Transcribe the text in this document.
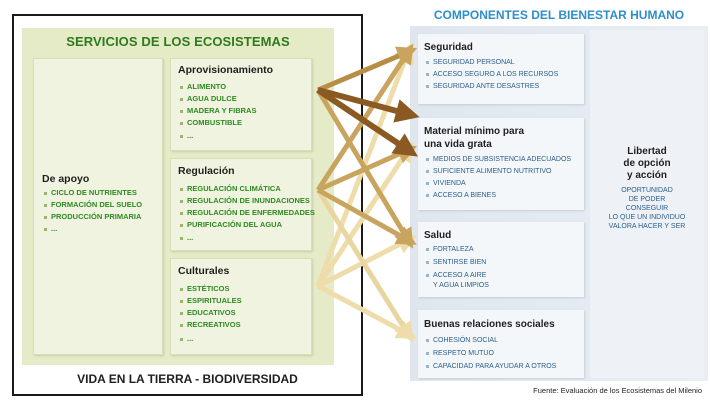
SERVICIOS DE LOS ECOSISTEMAS
De apoyo
CICLO DE NUTRIENTES
FORMACIÓN DEL SUELO
PRODUCCIÓN PRIMARIA
...
Aprovisionamiento
ALIMENTO
AGUA DULCE
MADERA Y FIBRAS
COMBUSTIBLE
...
Regulación
REGULACIÓN CLIMÁTICA
REGULACIÓN DE INUNDACIONES
REGULACIÓN DE ENFERMEDADES
PURIFICACIÓN DEL AGUA
...
Culturales
ESTÉTICOS
ESPIRITUALES
EDUCATIVOS
RECREATIVOS
...
VIDA EN LA TIERRA - BIODIVERSIDAD
COMPONENTES DEL BIENESTAR HUMANO
Seguridad
SEGURIDAD PERSONAL
ACCESO SEGURO A LOS RECURSOS
SEGURIDAD ANTE DESASTRES
Material mínimo para
una vida grata
MEDIOS DE SUBSISTENCIA ADECUADOS
SUFICIENTE ALIMENTO NUTRITIVO
VIVIENDA
ACCESO A BIENES
Salud
FORTALEZA
SENTIRSE BIEN
ACCESO A AIRE
Y AGUA LIMPIOS
Buenas relaciones sociales
COHESIÓN SOCIAL
RESPETO MUTUO
CAPACIDAD PARA AYUDAR A OTROS
Libertad
de opción
y acción
OPORTUNIDAD
DE PODER
CONSEGUIR
LO QUE UN INDIVIDUO
VALORA HACER Y SER
Fuente: Evaluación de los Ecosistemas del Milenio
